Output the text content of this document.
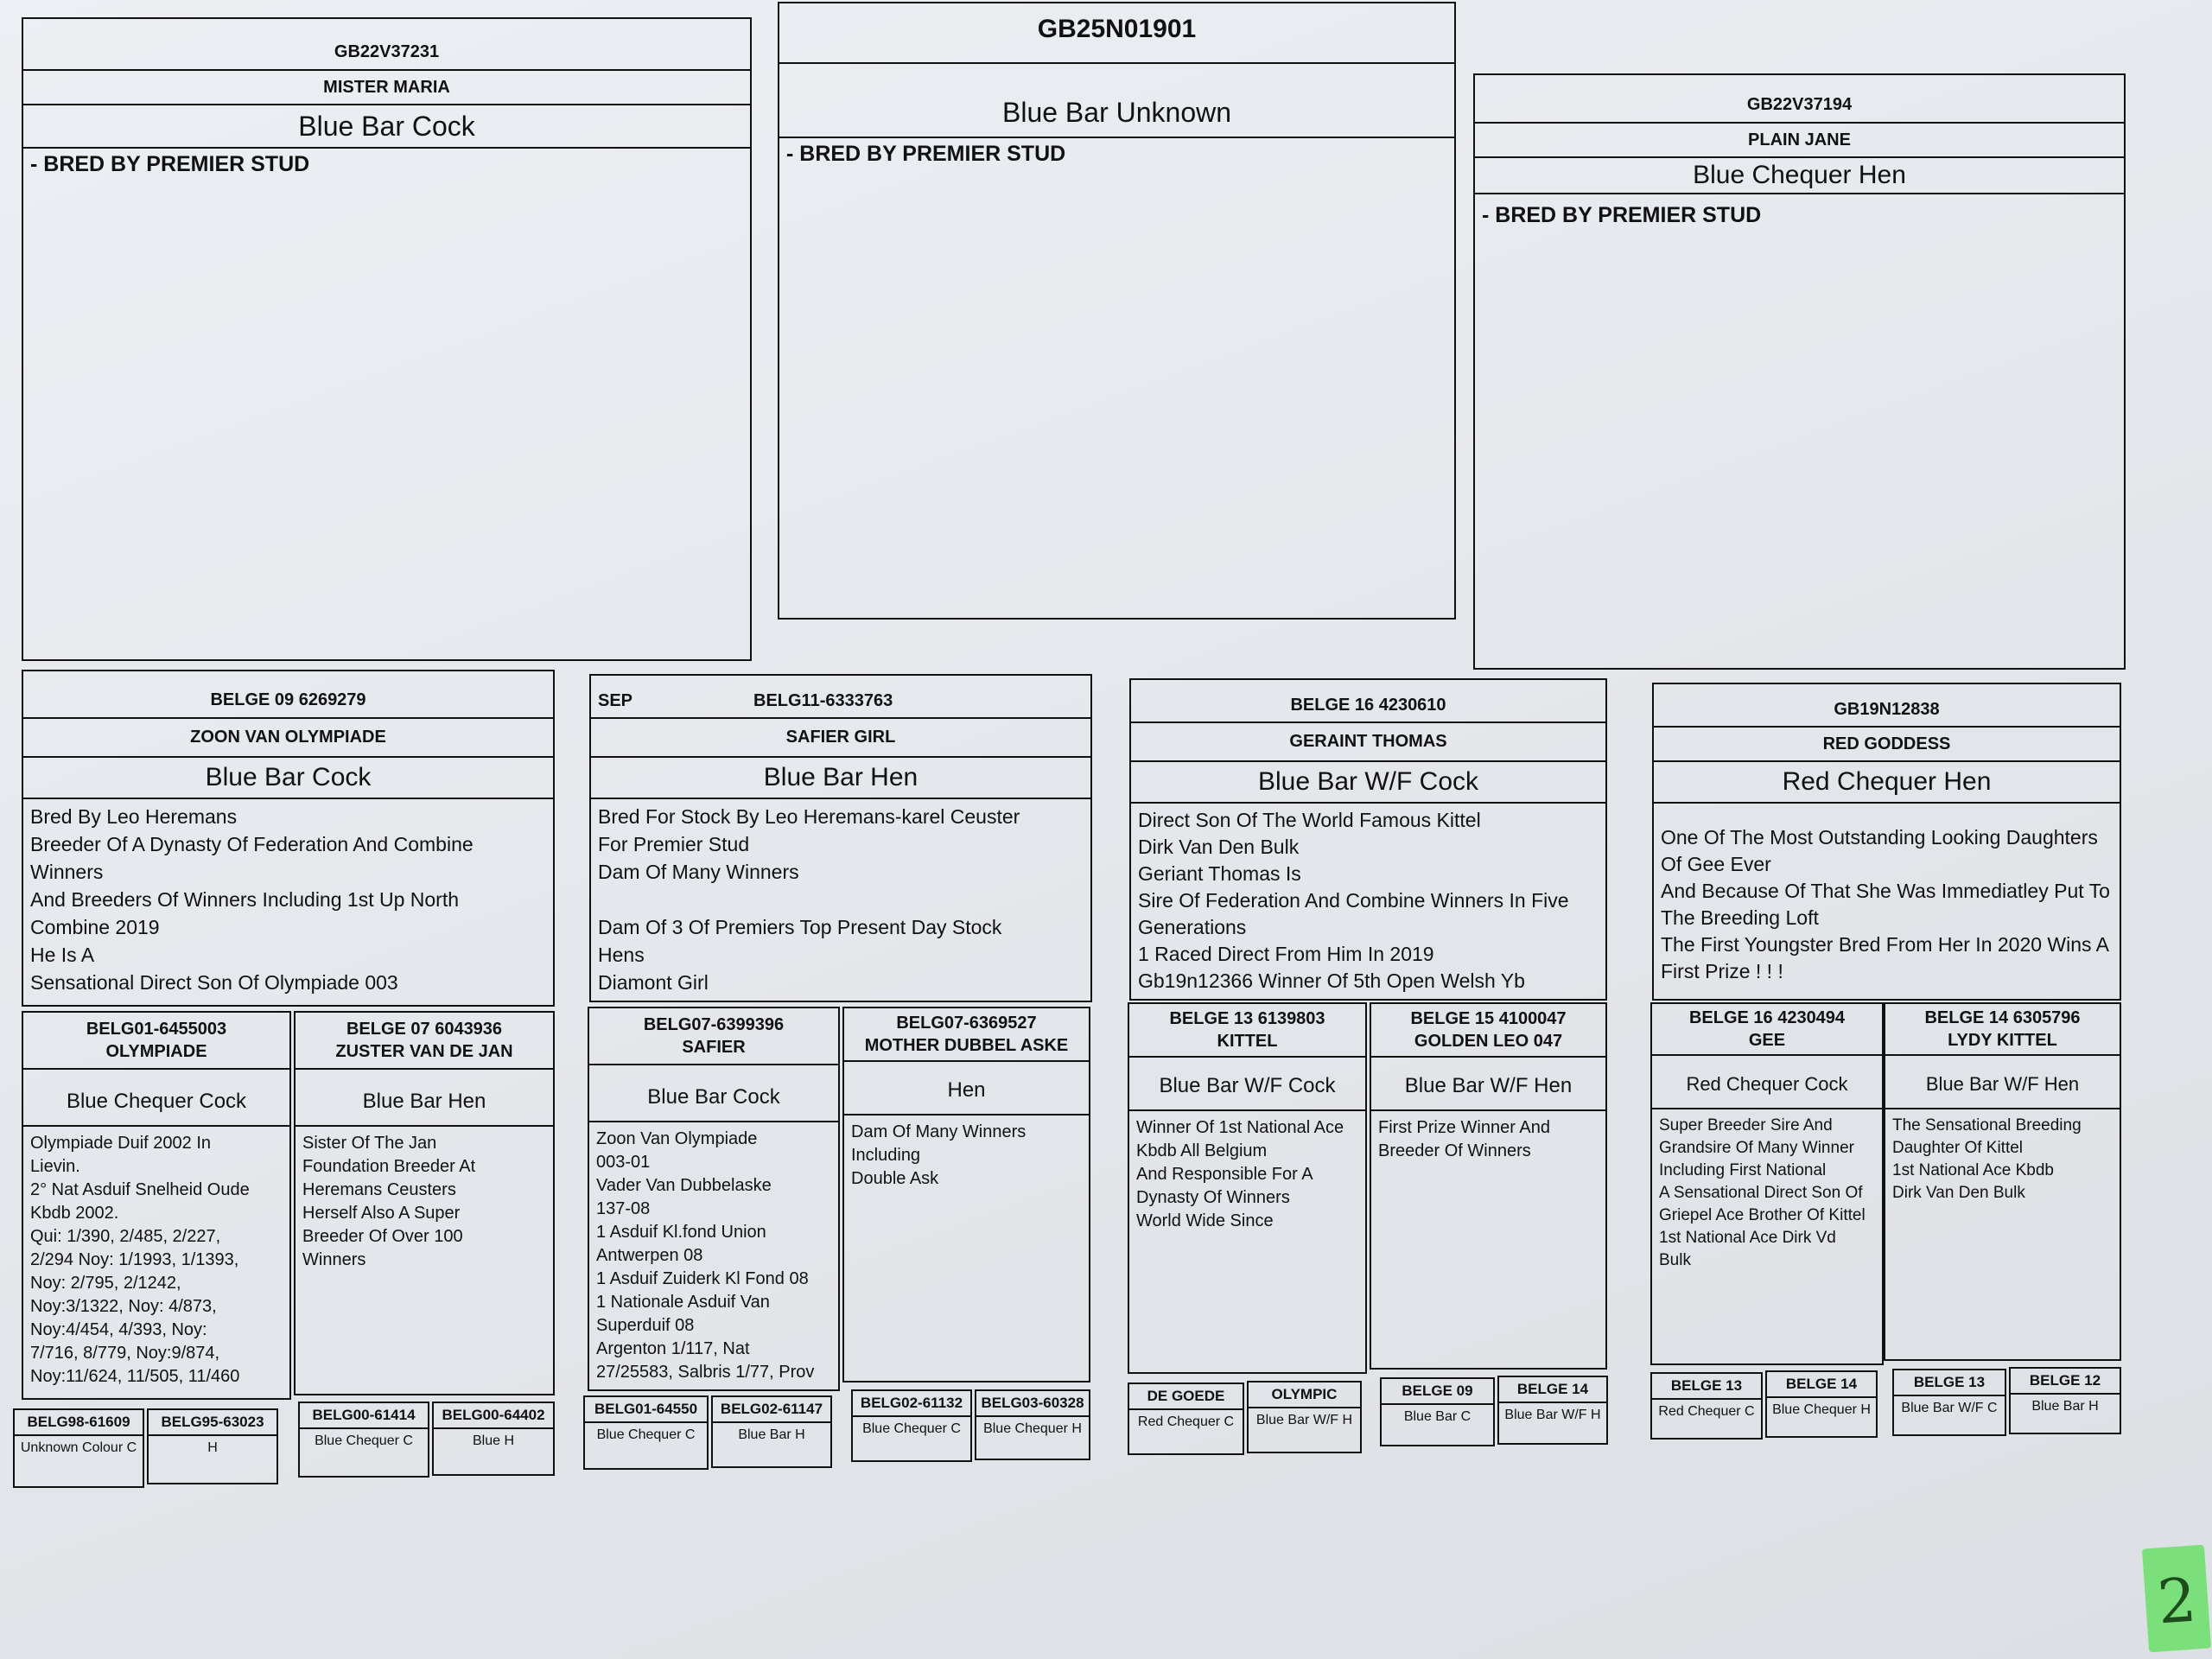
GB22V37231
MISTER MARIA
Blue Bar Cock
- BRED BY PREMIER STUD
GB25N01901
Blue Bar Unknown
- BRED BY PREMIER STUD
GB22V37194
PLAIN JANE
Blue Chequer Hen
- BRED BY PREMIER STUD
BELGE 09 6269279
ZOON VAN OLYMPIADE
Blue Bar Cock
Bred By Leo Heremans
Breeder Of A Dynasty Of Federation And Combine
Winners
And Breeders Of Winners Including 1st Up North
Combine 2019
He Is A
Sensational Direct Son Of Olympiade 003
SEP	BELG11-6333763
SAFIER GIRL
Blue Bar Hen
Bred For Stock By Leo Heremans-karel Ceuster
For Premier Stud
Dam Of Many Winners
Dam Of 3 Of Premiers Top Present Day Stock
Hens
Diamont Girl
BELGE 16 4230610
GERAINT THOMAS
Blue Bar W/F Cock
Direct Son Of The World Famous Kittel
Dirk Van Den Bulk
Geriant Thomas Is
Sire Of Federation And Combine Winners In Five
Generations
1 Raced Direct From Him In 2019
Gb19n12366 Winner Of 5th Open Welsh Yb
GB19N12838
RED GODDESS
Red Chequer Hen
One Of The Most Outstanding Looking Daughters
Of Gee Ever
And Because Of That She Was Immediatley Put To
The Breeding Loft
The First Youngster Bred From Her In 2020 Wins A
First Prize ! ! !
BELG01-6455003
OLYMPIADE
Blue Chequer Cock
Olympiade Duif 2002 In
Lievin.
2° Nat Asduif Snelheid Oude
Kbdb 2002.
Qui: 1/390, 2/485, 2/227,
2/294 Noy: 1/1993, 1/1393,
Noy: 2/795, 2/1242,
Noy:3/1322, Noy: 4/873,
Noy:4/454, 4/393, Noy:
7/716, 8/779, Noy:9/874,
Noy:11/624, 11/505, 11/460
BELGE 07 6043936
ZUSTER VAN DE JAN
Blue Bar Hen
Sister Of The Jan
Foundation Breeder At
Heremans Ceusters
Herself Also A Super
Breeder Of Over 100
Winners
BELG07-6399396
SAFIER
Blue Bar Cock
Zoon Van Olympiade
003-01
Vader Van Dubbelaske
137-08
1 Asduif Kl.fond Union
Antwerpen 08
1 Asduif Zuiderk Kl Fond 08
1 Nationale Asduif Van
Superduif 08
Argenton 1/117, Nat
27/25583, Salbris 1/77, Prov
BELG07-6369527
MOTHER DUBBEL ASKE
Hen
Dam Of Many Winners
Including
Double Ask
BELGE 13 6139803
KITTEL
Blue Bar W/F Cock
Winner Of 1st National Ace
Kbdb All Belgium
And Responsible For A
Dynasty Of Winners
World Wide Since
BELGE 15 4100047
GOLDEN LEO 047
Blue Bar W/F Hen
First Prize Winner And
Breeder Of Winners
BELGE 16 4230494
GEE
Red Chequer Cock
Super Breeder Sire And
Grandsire Of Many Winner
Including First National
A Sensational Direct Son Of
Griepel Ace Brother Of Kittel
1st National Ace Dirk Vd
Bulk
BELGE 14 6305796
LYDY KITTEL
Blue Bar W/F Hen
The Sensational Breeding
Daughter Of Kittel
1st National Ace Kbdb
Dirk Van Den Bulk
BELG98-61609
Unknown Colour C
BELG95-63023
H
BELG00-61414
Blue Chequer C
BELG00-64402
Blue H
BELG01-64550
Blue Chequer C
BELG02-61147
Blue Bar H
BELG02-61132
Blue Chequer C
BELG03-60328
Blue Chequer H
DE GOEDE
Red Chequer C
OLYMPIC
Blue Bar W/F H
BELGE 09
Blue Bar C
BELGE 14
Blue Bar W/F H
BELGE 13
Red Chequer C
BELGE 14
Blue Chequer H
BELGE 13
Blue Bar W/F C
BELGE 12
Blue Bar H
2
